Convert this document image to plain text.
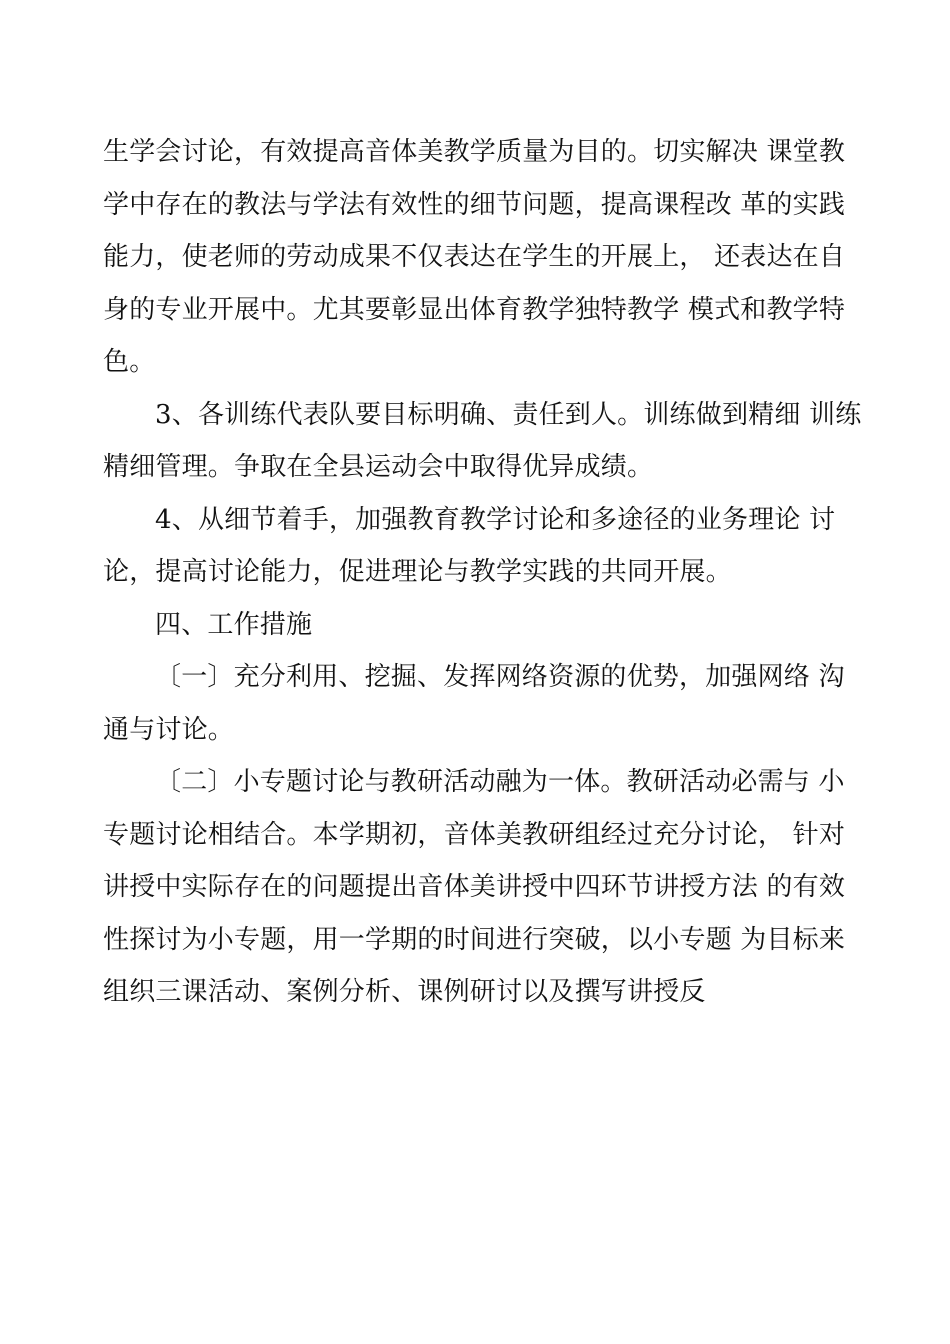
生学会讨论，有效提高音体美教学质量为目的。切实解决 课堂教
学中存在的教法与学法有效性的细节问题，提高课程改 革的实践
能力，使老师的劳动成果不仅表达在学生的开展上， 还表达在自
身的专业开展中。尤其要彰显出体育教学独特教学 模式和教学特
色。
3、各训练代表队要目标明确、责任到人。训练做到精细 训练
精细管理。争取在全县运动会中取得优异成绩。
4、从细节着手，加强教育教学讨论和多途径的业务理论 讨
论，提高讨论能力，促进理论与教学实践的共同开展。
四、工作措施
〔一〕充分利用、挖掘、发挥网络资源的优势，加强网络 沟
通与讨论。
〔二〕小专题讨论与教研活动融为一体。教研活动必需与 小
专题讨论相结合。本学期初，音体美教研组经过充分讨论， 针对
讲授中实际存在的问题提出音体美讲授中四环节讲授方法 的有效
性探讨为小专题，用一学期的时间进行突破，以小专题 为目标来
组织三课活动、案例分析、课例研讨以及撰写讲授反
